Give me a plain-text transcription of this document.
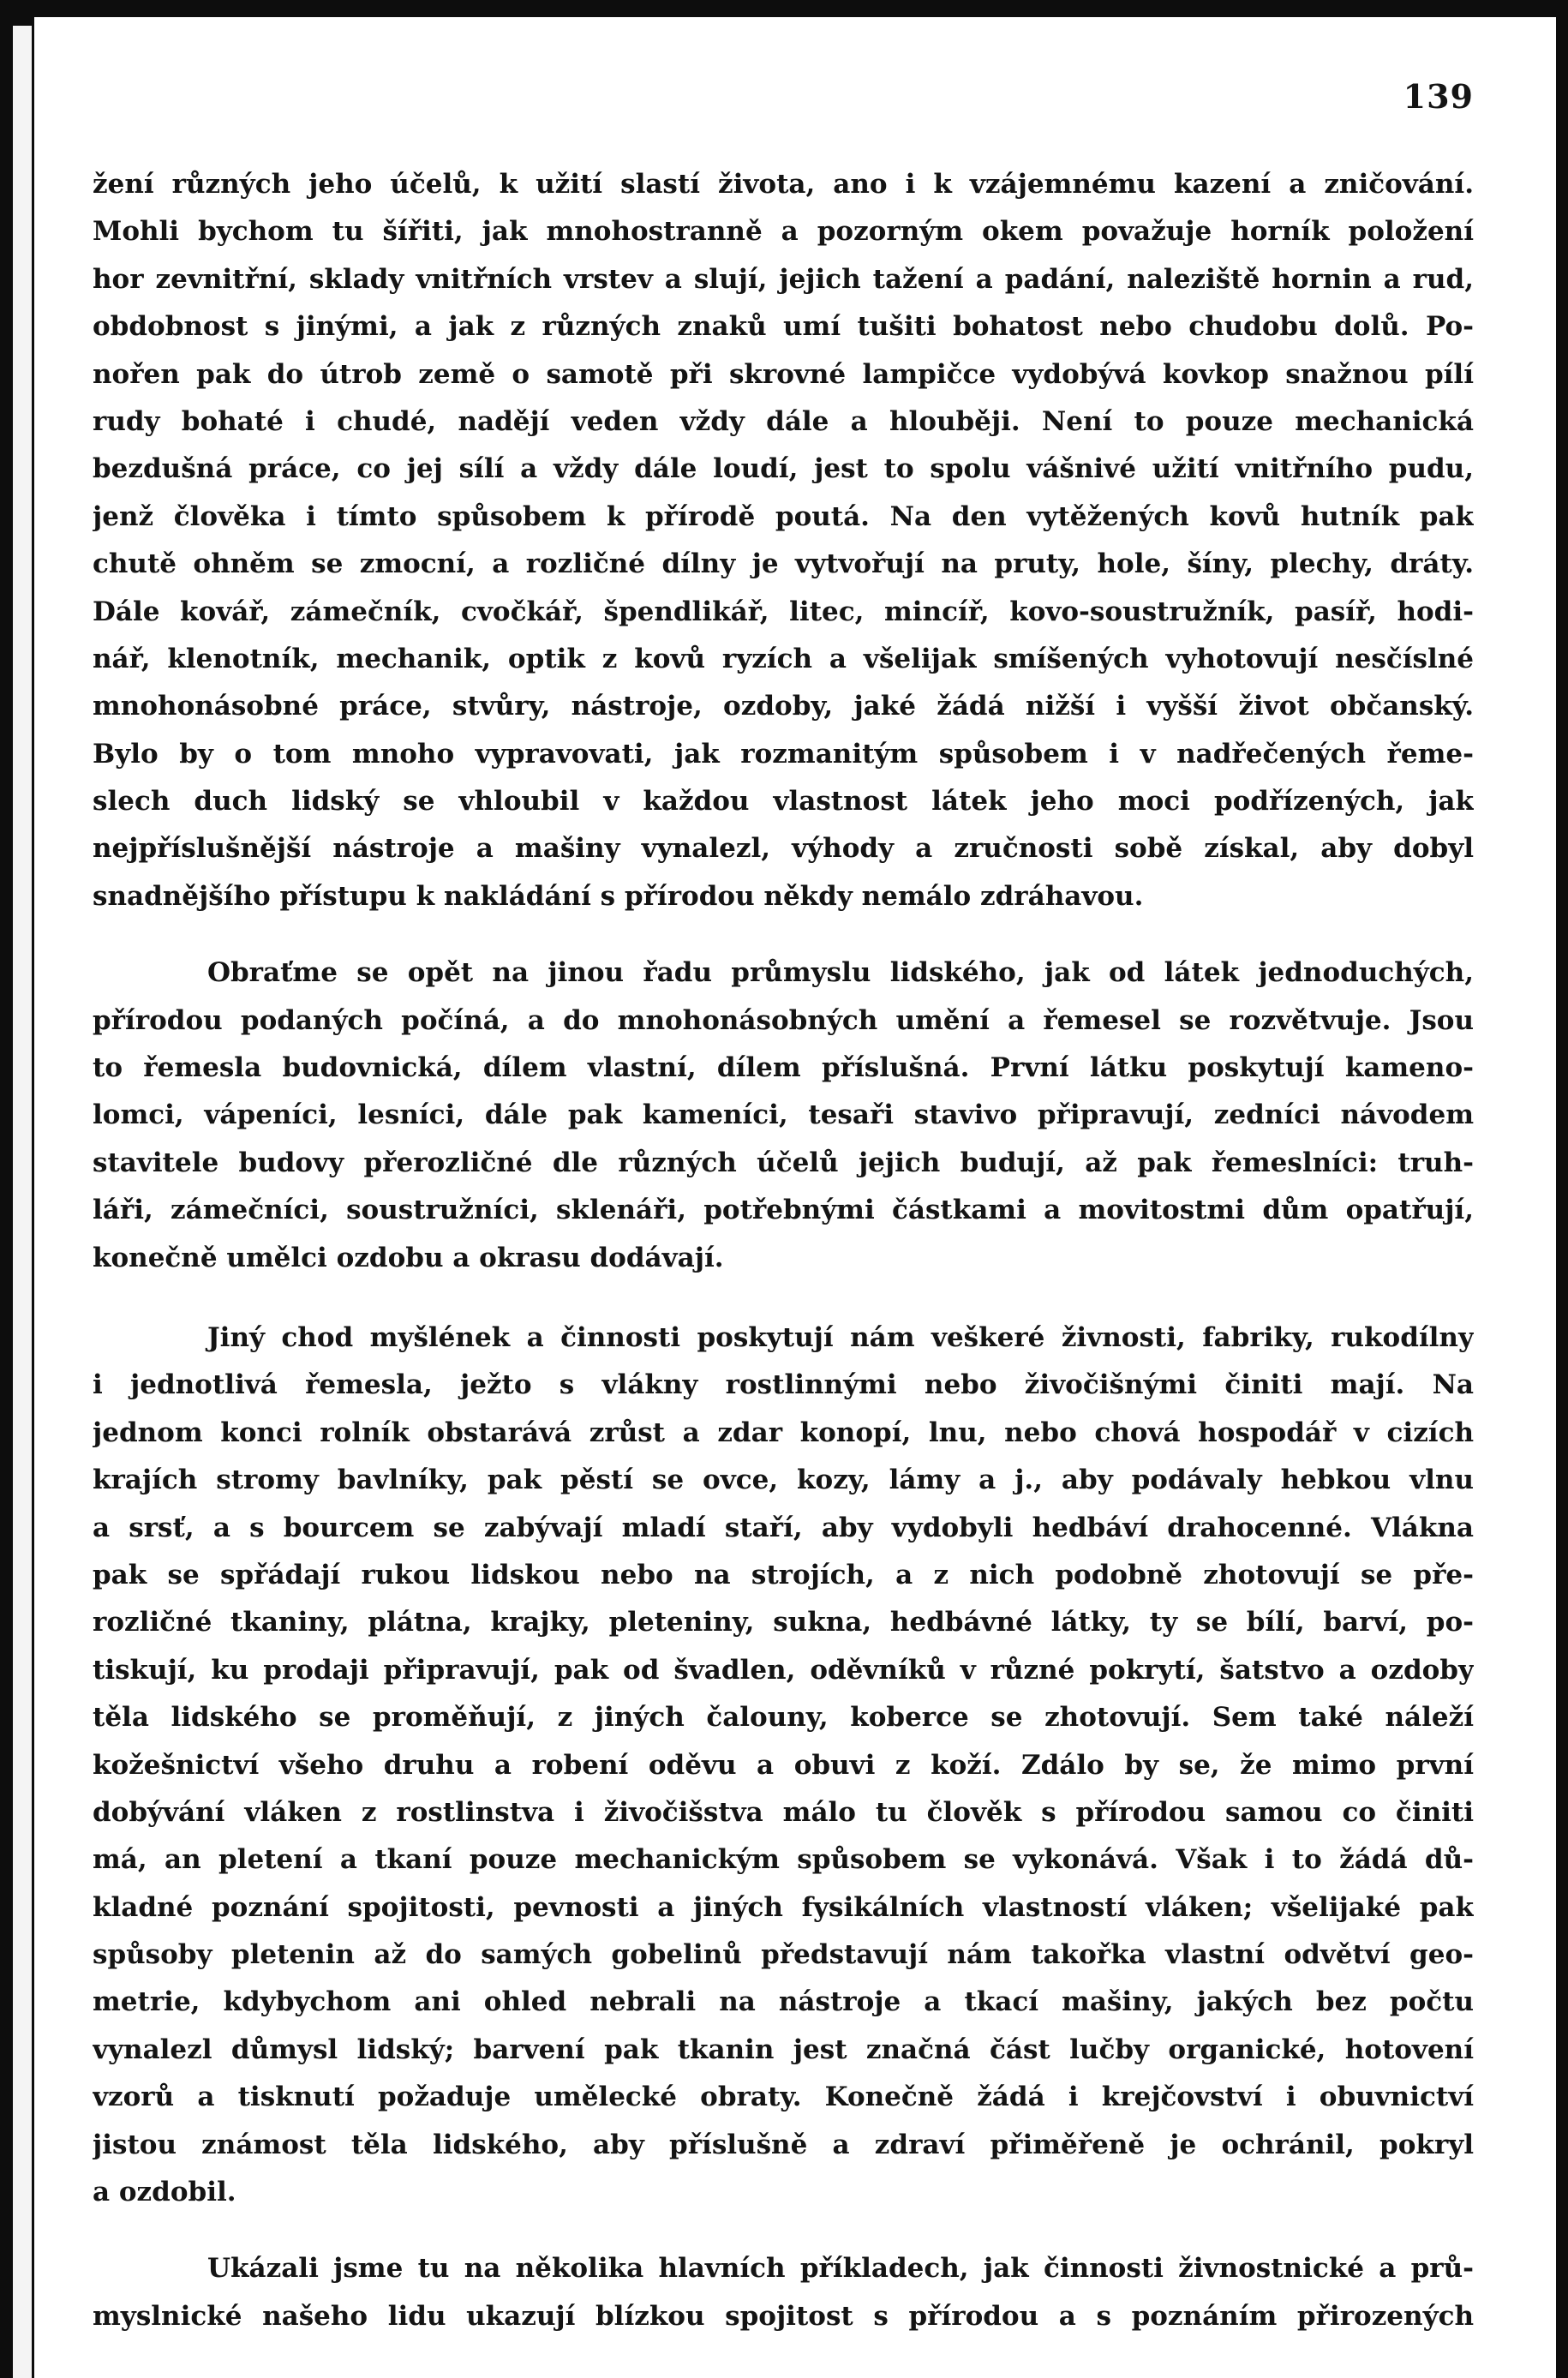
139
žení různých jeho účelů, k užití slastí života, ano i k vzájemnému kazení a zničování.
Mohli bychom tu šířiti, jak mnohostranně a pozorným okem považuje horník položení
hor zevnitřní, sklady vnitřních vrstev a slují, jejich tažení a padání, naleziště hornin a rud,
obdobnost s jinými, a jak z různých znaků umí tušiti bohatost nebo chudobu dolů. Po-
nořen pak do útrob země o samotě při skrovné lampičce vydobývá kovkop snažnou pílí
rudy bohaté i chudé, nadějí veden vždy dále a hlouběji. Není to pouze mechanická
bezdušná práce, co jej sílí a vždy dále loudí, jest to spolu vášnivé užití vnitřního pudu,
jenž člověka i tímto spůsobem k přírodě poutá. Na den vytěžených kovů hutník pak
chutě ohněm se zmocní, a rozličné dílny je vytvořují na pruty, hole, šíny, plechy, dráty.
Dále kovář, zámečník, cvočkář, špendlikář, litec, mincíř, kovo-soustružník, pasíř, hodi-
nář, klenotník, mechanik, optik z kovů ryzích a všelijak smíšených vyhotovují nesčíslné
mnohonásobné práce, stvůry, nástroje, ozdoby, jaké žádá nižší i vyšší život občanský.
Bylo by o tom mnoho vypravovati, jak rozmanitým spůsobem i v nadřečených řeme-
slech duch lidský se vhloubil v každou vlastnost látek jeho moci podřízených, jak
nejpříslušnější nástroje a mašiny vynalezl, výhody a zručnosti sobě získal, aby dobyl
snadnějšího přístupu k nakládání s přírodou někdy nemálo zdráhavou.
Obraťme se opět na jinou řadu průmyslu lidského, jak od látek jednoduchých,
přírodou podaných počíná, a do mnohonásobných umění a řemesel se rozvětvuje. Jsou
to řemesla budovnická, dílem vlastní, dílem příslušná. První látku poskytují kameno-
lomci, vápeníci, lesníci, dále pak kameníci, tesaři stavivo připravují, zedníci návodem
stavitele budovy přerozličné dle různých účelů jejich budují, až pak řemeslníci: truh-
láři, zámečníci, soustružníci, sklenáři, potřebnými částkami a movitostmi dům opatřují,
konečně umělci ozdobu a okrasu dodávají.
Jiný chod myšlének a činnosti poskytují nám veškeré živnosti, fabriky, rukodílny
i jednotlivá řemesla, ježto s vlákny rostlinnými nebo živočišnými činiti mají. Na
jednom konci rolník obstarává zrůst a zdar konopí, lnu, nebo chová hospodář v cizích
krajích stromy bavlníky, pak pěstí se ovce, kozy, lámy a j., aby podávaly hebkou vlnu
a srsť, a s bourcem se zabývají mladí staří, aby vydobyli hedbáví drahocenné. Vlákna
pak se spřádají rukou lidskou nebo na strojích, a z nich podobně zhotovují se pře-
rozličné tkaniny, plátna, krajky, pleteniny, sukna, hedbávné látky, ty se bílí, barví, po-
tiskují, ku prodaji připravují, pak od švadlen, oděvníků v různé pokrytí, šatstvo a ozdoby
těla lidského se proměňují, z jiných čalouny, koberce se zhotovují. Sem také náleží
kožešnictví všeho druhu a robení oděvu a obuvi z koží. Zdálo by se, že mimo první
dobývání vláken z rostlinstva i živočišstva málo tu člověk s přírodou samou co činiti
má, an pletení a tkaní pouze mechanickým spůsobem se vykonává. Však i to žádá dů-
kladné poznání spojitosti, pevnosti a jiných fysikálních vlastností vláken; všelijaké pak
spůsoby pletenin až do samých gobelinů představují nám takořka vlastní odvětví geo-
metrie, kdybychom ani ohled nebrali na nástroje a tkací mašiny, jakých bez počtu
vynalezl důmysl lidský; barvení pak tkanin jest značná část lučby organické, hotovení
vzorů a tisknutí požaduje umělecké obraty. Konečně žádá i krejčovství i obuvnictví
jistou známost těla lidského, aby příslušně a zdraví přiměřeně je ochránil, pokryl
a ozdobil.
Ukázali jsme tu na několika hlavních příkladech, jak činnosti živnostnické a prů-
myslnické našeho lidu ukazují blízkou spojitost s přírodou a s poznáním přirozených
